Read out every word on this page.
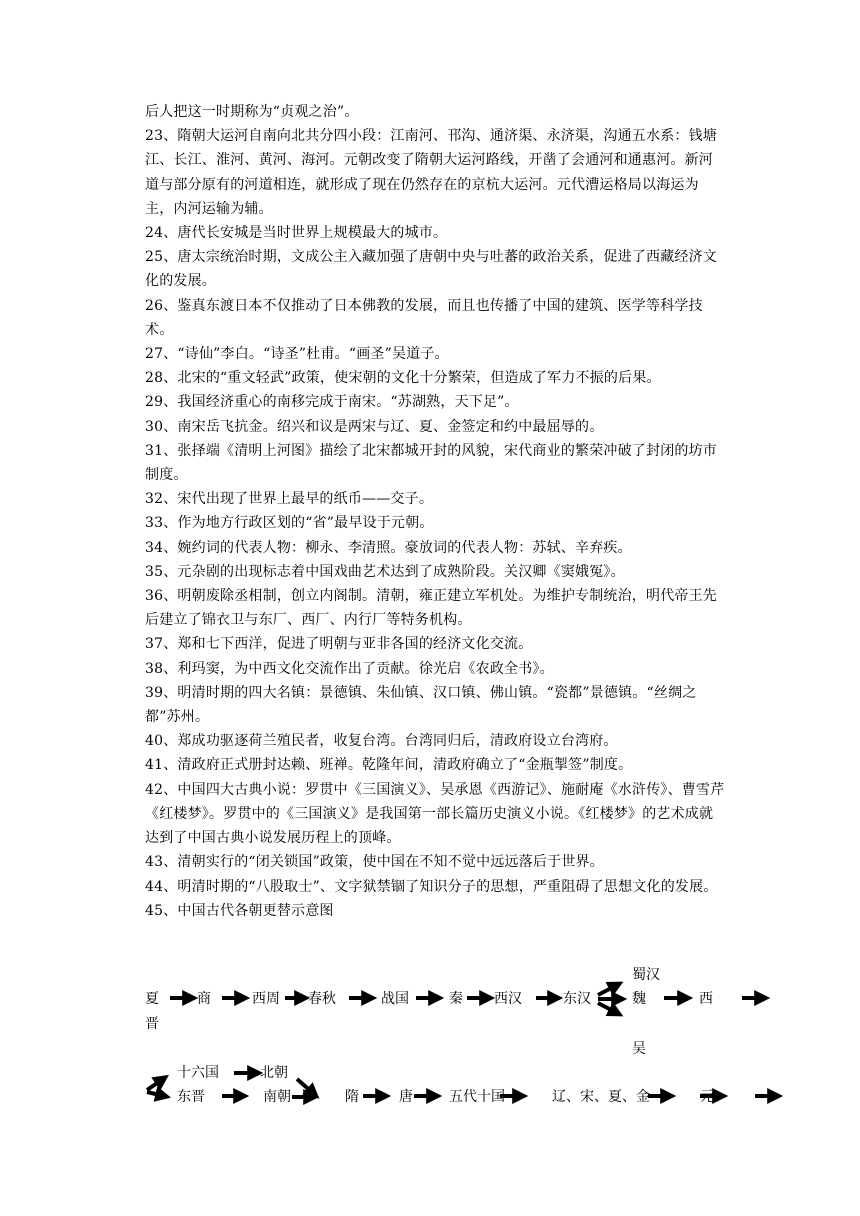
后人把这一时期称为“贞观之治”。

23、隋朝大运河自南向北共分四小段：江南河、邗沟、通济渠、永济渠，沟通五水系：钱塘江、长江、淮河、黄河、海河。元朝改变了隋朝大运河路线，开凿了会通河和通惠河。新河道与部分原有的河道相连，就形成了现在仍然存在的京杭大运河。元代漕运格局以海运为主，内河运输为辅。

24、唐代长安城是当时世界上规模最大的城市。

25、唐太宗统治时期，文成公主入藏加强了唐朝中央与吐蕃的政治关系，促进了西藏经济文化的发展。

26、鉴真东渡日本不仅推动了日本佛教的发展，而且也传播了中国的建筑、医学等科学技术。

27、“诗仙”李白。“诗圣”杜甫。“画圣”吴道子。

28、北宋的“重文轻武”政策，使宋朝的文化十分繁荣，但造成了军力不振的后果。

29、我国经济重心的南移完成于南宋。“苏湖熟，天下足”。

30、南宋岳飞抗金。绍兴和议是两宋与辽、夏、金签定和约中最屈辱的。

31、张择端《清明上河图》描绘了北宋都城开封的风貌，宋代商业的繁荣冲破了封闭的坊市制度。

32、宋代出现了世界上最早的纸币——交子。

33、作为地方行政区划的“省”最早设于元朝。

34、婉约词的代表人物：柳永、李清照。豪放词的代表人物：苏轼、辛弃疾。

35、元杂剧的出现标志着中国戏曲艺术达到了成熟阶段。关汉卿《窦娥冤》。

36、明朝废除丞相制，创立内阁制。清朝，雍正建立军机处。为维护专制统治，明代帝王先后建立了锦衣卫与东厂、西厂、内行厂等特务机构。

37、郑和七下西洋，促进了明朝与亚非各国的经济文化交流。

38、利玛窦，为中西文化交流作出了贡献。徐光启《农政全书》。

39、明清时期的四大名镇：景德镇、朱仙镇、汉口镇、佛山镇。“瓷都”景德镇。“丝绸之都”苏州。

40、郑成功驱逐荷兰殖民者，收复台湾。台湾同归后，清政府设立台湾府。

41、清政府正式册封达赖、班禅。乾隆年间，清政府确立了“金瓶掣签”制度。

42、中国四大古典小说：罗贯中《三国演义》、吴承恩《西游记》、施耐庵《水浒传》、曹雪芹《红楼梦》。罗贯中的《三国演义》是我国第一部长篇历史演义小说。《红楼梦》的艺术成就达到了中国古典小说发展历程上的顶峰。

43、清朝实行的“闭关锁国”政策，使中国在不知不觉中远远落后于世界。

44、明清时期的“八股取士”、文字狱禁锢了知识分子的思想，严重阻碍了思想文化的发展。

45、中国古代各朝更替示意图

夏	商	西周 春秋	战国	秦 西汉	东汉
蜀汉
魏
吴
西
晋
十六国	北朝
东晋	南朝	隋	唐	五代十国	辽、宋、夏、金	元
